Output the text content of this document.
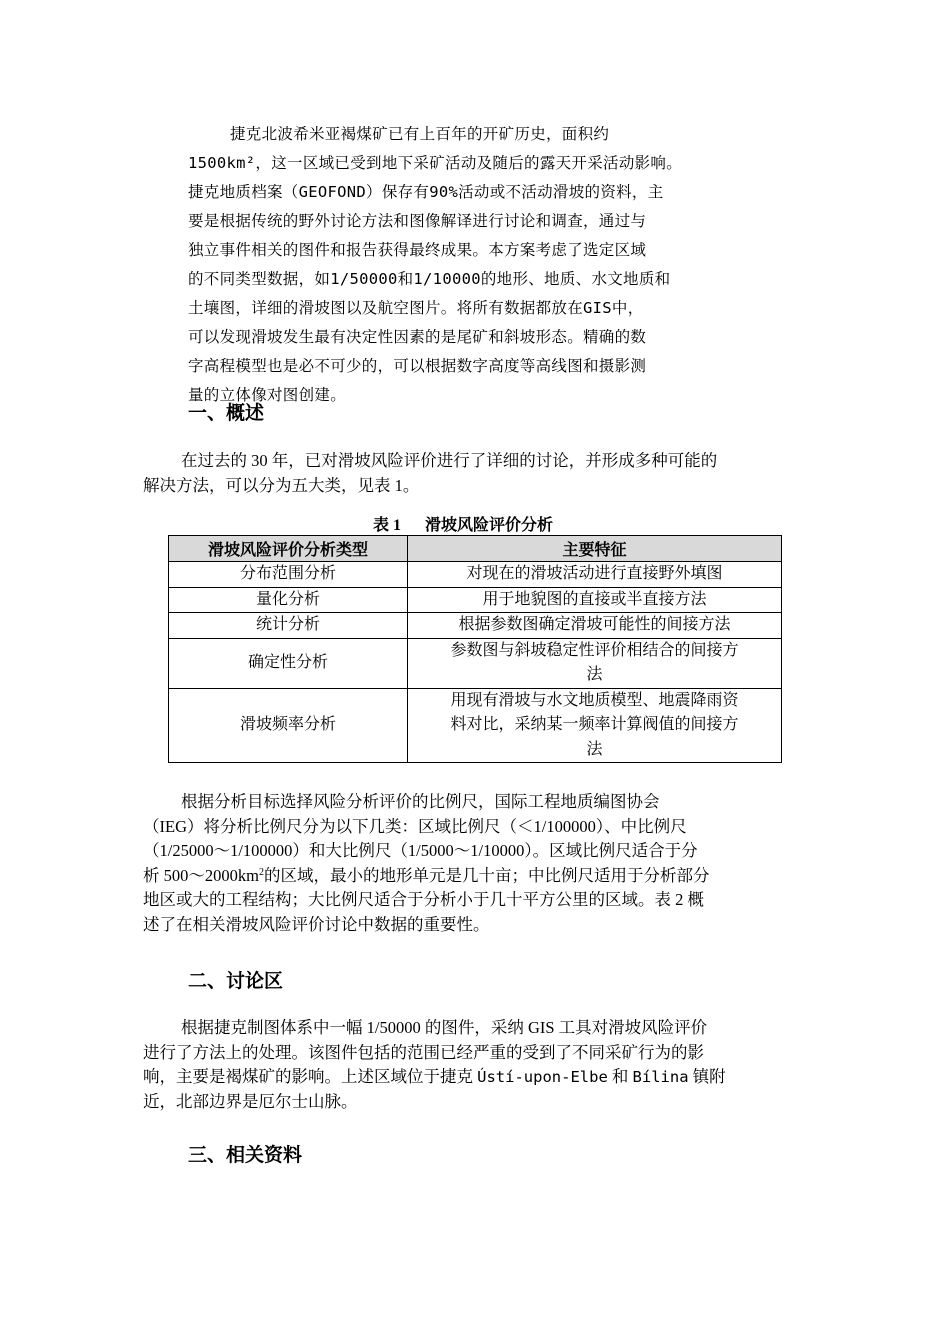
捷克北波希米亚褐煤矿已有上百年的开矿历史，面积约
1500km²，这一区域已受到地下采矿活动及随后的露天开采活动影响。
捷克地质档案（GEOFOND）保存有90%活动或不活动滑坡的资料，主
要是根据传统的野外讨论方法和图像解译进行讨论和调查，通过与
独立事件相关的图件和报告获得最终成果。本方案考虑了选定区域
的不同类型数据，如1/50000和1/10000的地形、地质、水文地质和
土壤图，详细的滑坡图以及航空图片。将所有数据都放在GIS中，
可以发现滑坡发生最有决定性因素的是尾矿和斜坡形态。精确的数
字高程模型也是必不可少的，可以根据数字高度等高线图和摄影测
量的立体像对图创建。
一、概述
在过去的 30 年，已对滑坡风险评价进行了详细的讨论，并形成多种可能的
解决方法，可以分为五大类，见表 1。
表 1 滑坡风险评价分析
滑坡风险评价分析类型	主要特征
分布范围分析	对现在的滑坡活动进行直接野外填图

量化分析	用于地貌图的直接或半直接方法

统计分析	根据参数图确定滑坡可能性的间接方法

确定性分析	参数图与斜坡稳定性评价相结合的间接方
法

滑坡频率分析	用现有滑坡与水文地质模型、地震降雨资
料对比，采纳某一频率计算阀值的间接方
法
根据分析目标选择风险分析评价的比例尺，国际工程地质编图协会
（IEG）将分析比例尺分为以下几类：区域比例尺（＜1/100000）、中比例尺
（1/25000～1/100000）和大比例尺（1/5000～1/10000）。区域比例尺适合于分
析 $500\sim 2000km^2$的区域，最小的地形单元是几十亩；中比例尺适用于分析部分
地区或大的工程结构；大比例尺适合于分析小于几十平方公里的区域。表 2 概
述了在相关滑坡风险评价讨论中数据的重要性。
二、讨论区
根据捷克制图体系中一幅 1/50000 的图件，采纳 GIS 工具对滑坡风险评价
进行了方法上的处理。该图件包括的范围已经严重的受到了不同采矿行为的影
响，主要是褐煤矿的影响。上述区域位于捷克 Ústí-upon-Elbe 和 Bílina 镇附
近，北部边界是厄尔士山脉。
三、相关资料
